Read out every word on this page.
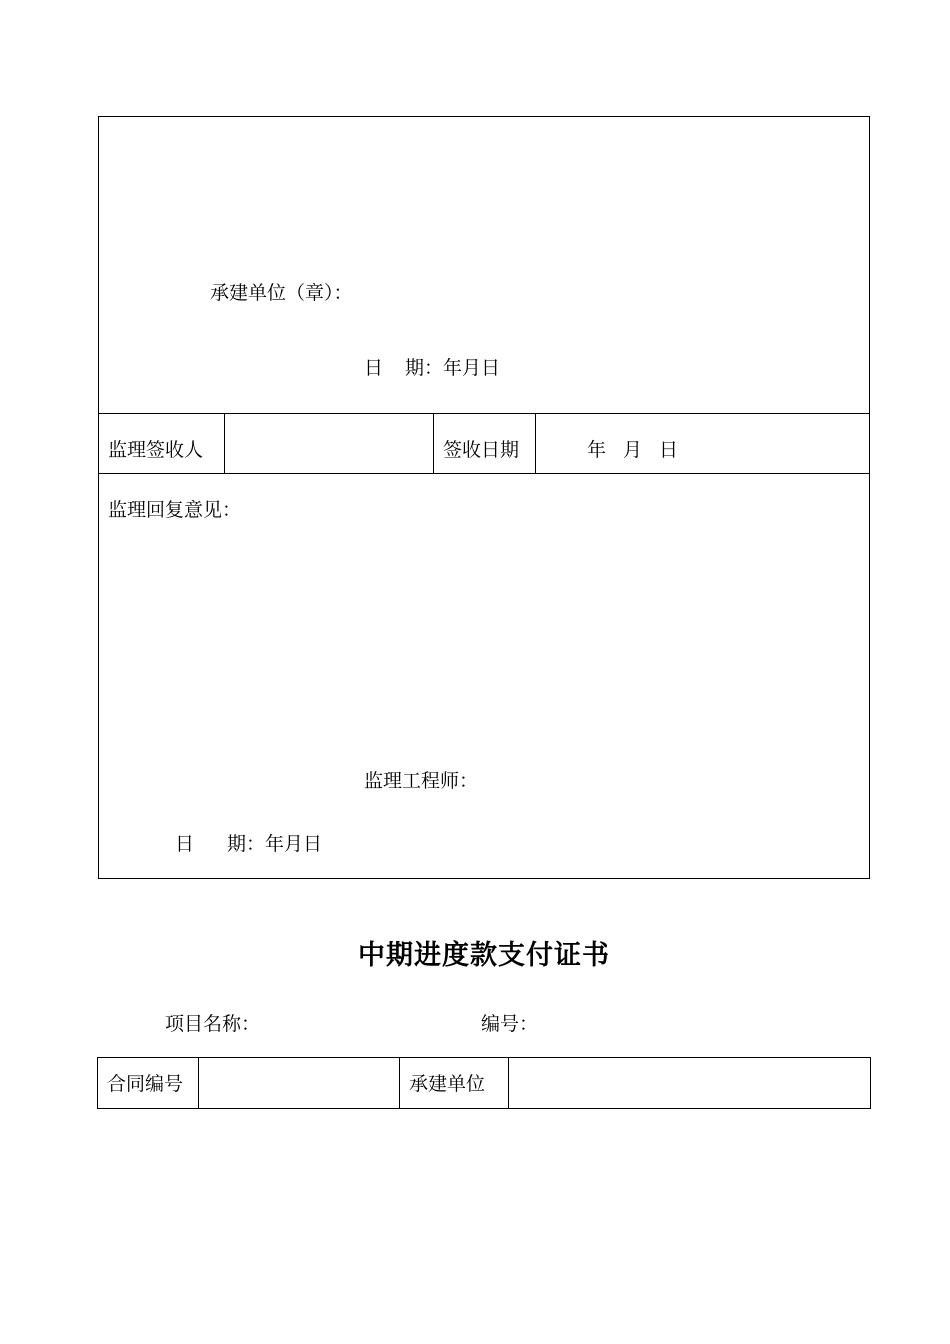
承建单位（章）：
日 期：年月日
监理签收人	签收日期	年 月 日
监理回复意见：
监理工程师：
日 期：年月日
中期进度款支付证书
项目名称：	编号：
合同编号	承建单位
